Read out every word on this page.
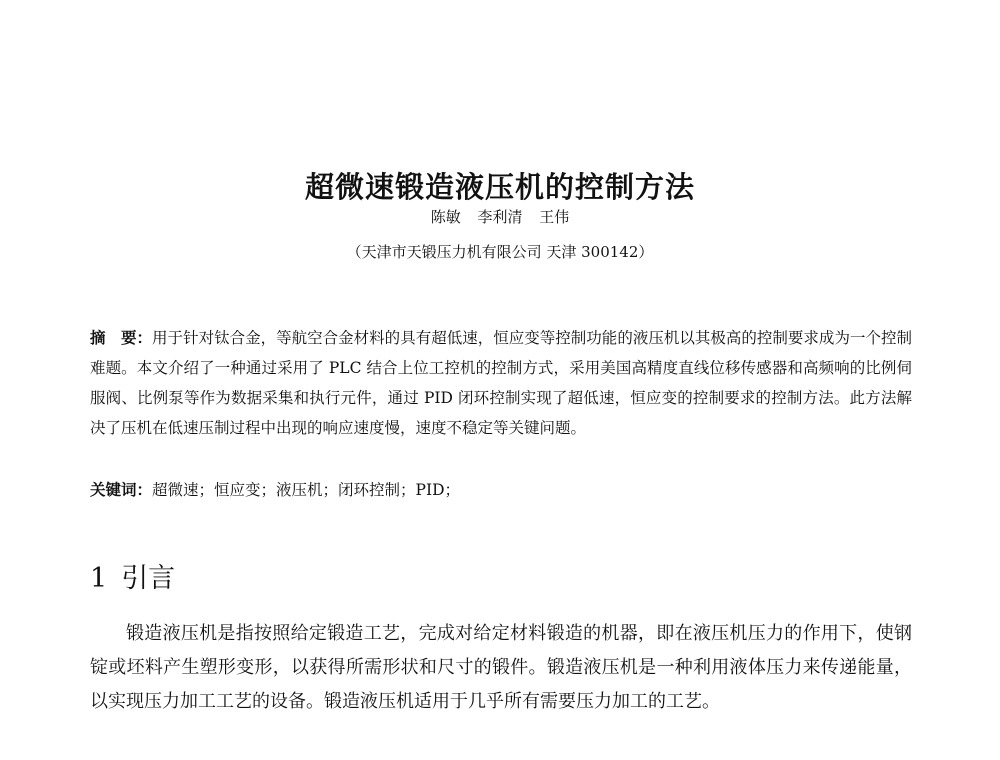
超微速锻造液压机的控制方法
陈敏 李利清 王伟
（天津市天锻压力机有限公司 天津 300142）

摘　要：用于针对钛合金，等航空合金材料的具有超低速，恒应变等控制功能的液压机以其极高的控制要求成为一个控制难题。本文介绍了一种通过采用了 PLC 结合上位工控机的控制方式，采用美国高精度直线位移传感器和高频响的比例伺服阀、比例泵等作为数据采集和执行元件，通过 PID 闭环控制实现了超低速，恒应变的控制要求的控制方法。此方法解决了压机在低速压制过程中出现的响应速度慢，速度不稳定等关键问题。

关键词：超微速；恒应变；液压机；闭环控制；PID；

1 引言

锻造液压机是指按照给定锻造工艺，完成对给定材料锻造的机器，即在液压机压力的作用下，使钢锭或坯料产生塑形变形，以获得所需形状和尺寸的锻件。锻造液压机是一种利用液体压力来传递能量，以实现压力加工工艺的设备。锻造液压机适用于几乎所有需要压力加工的工艺。
